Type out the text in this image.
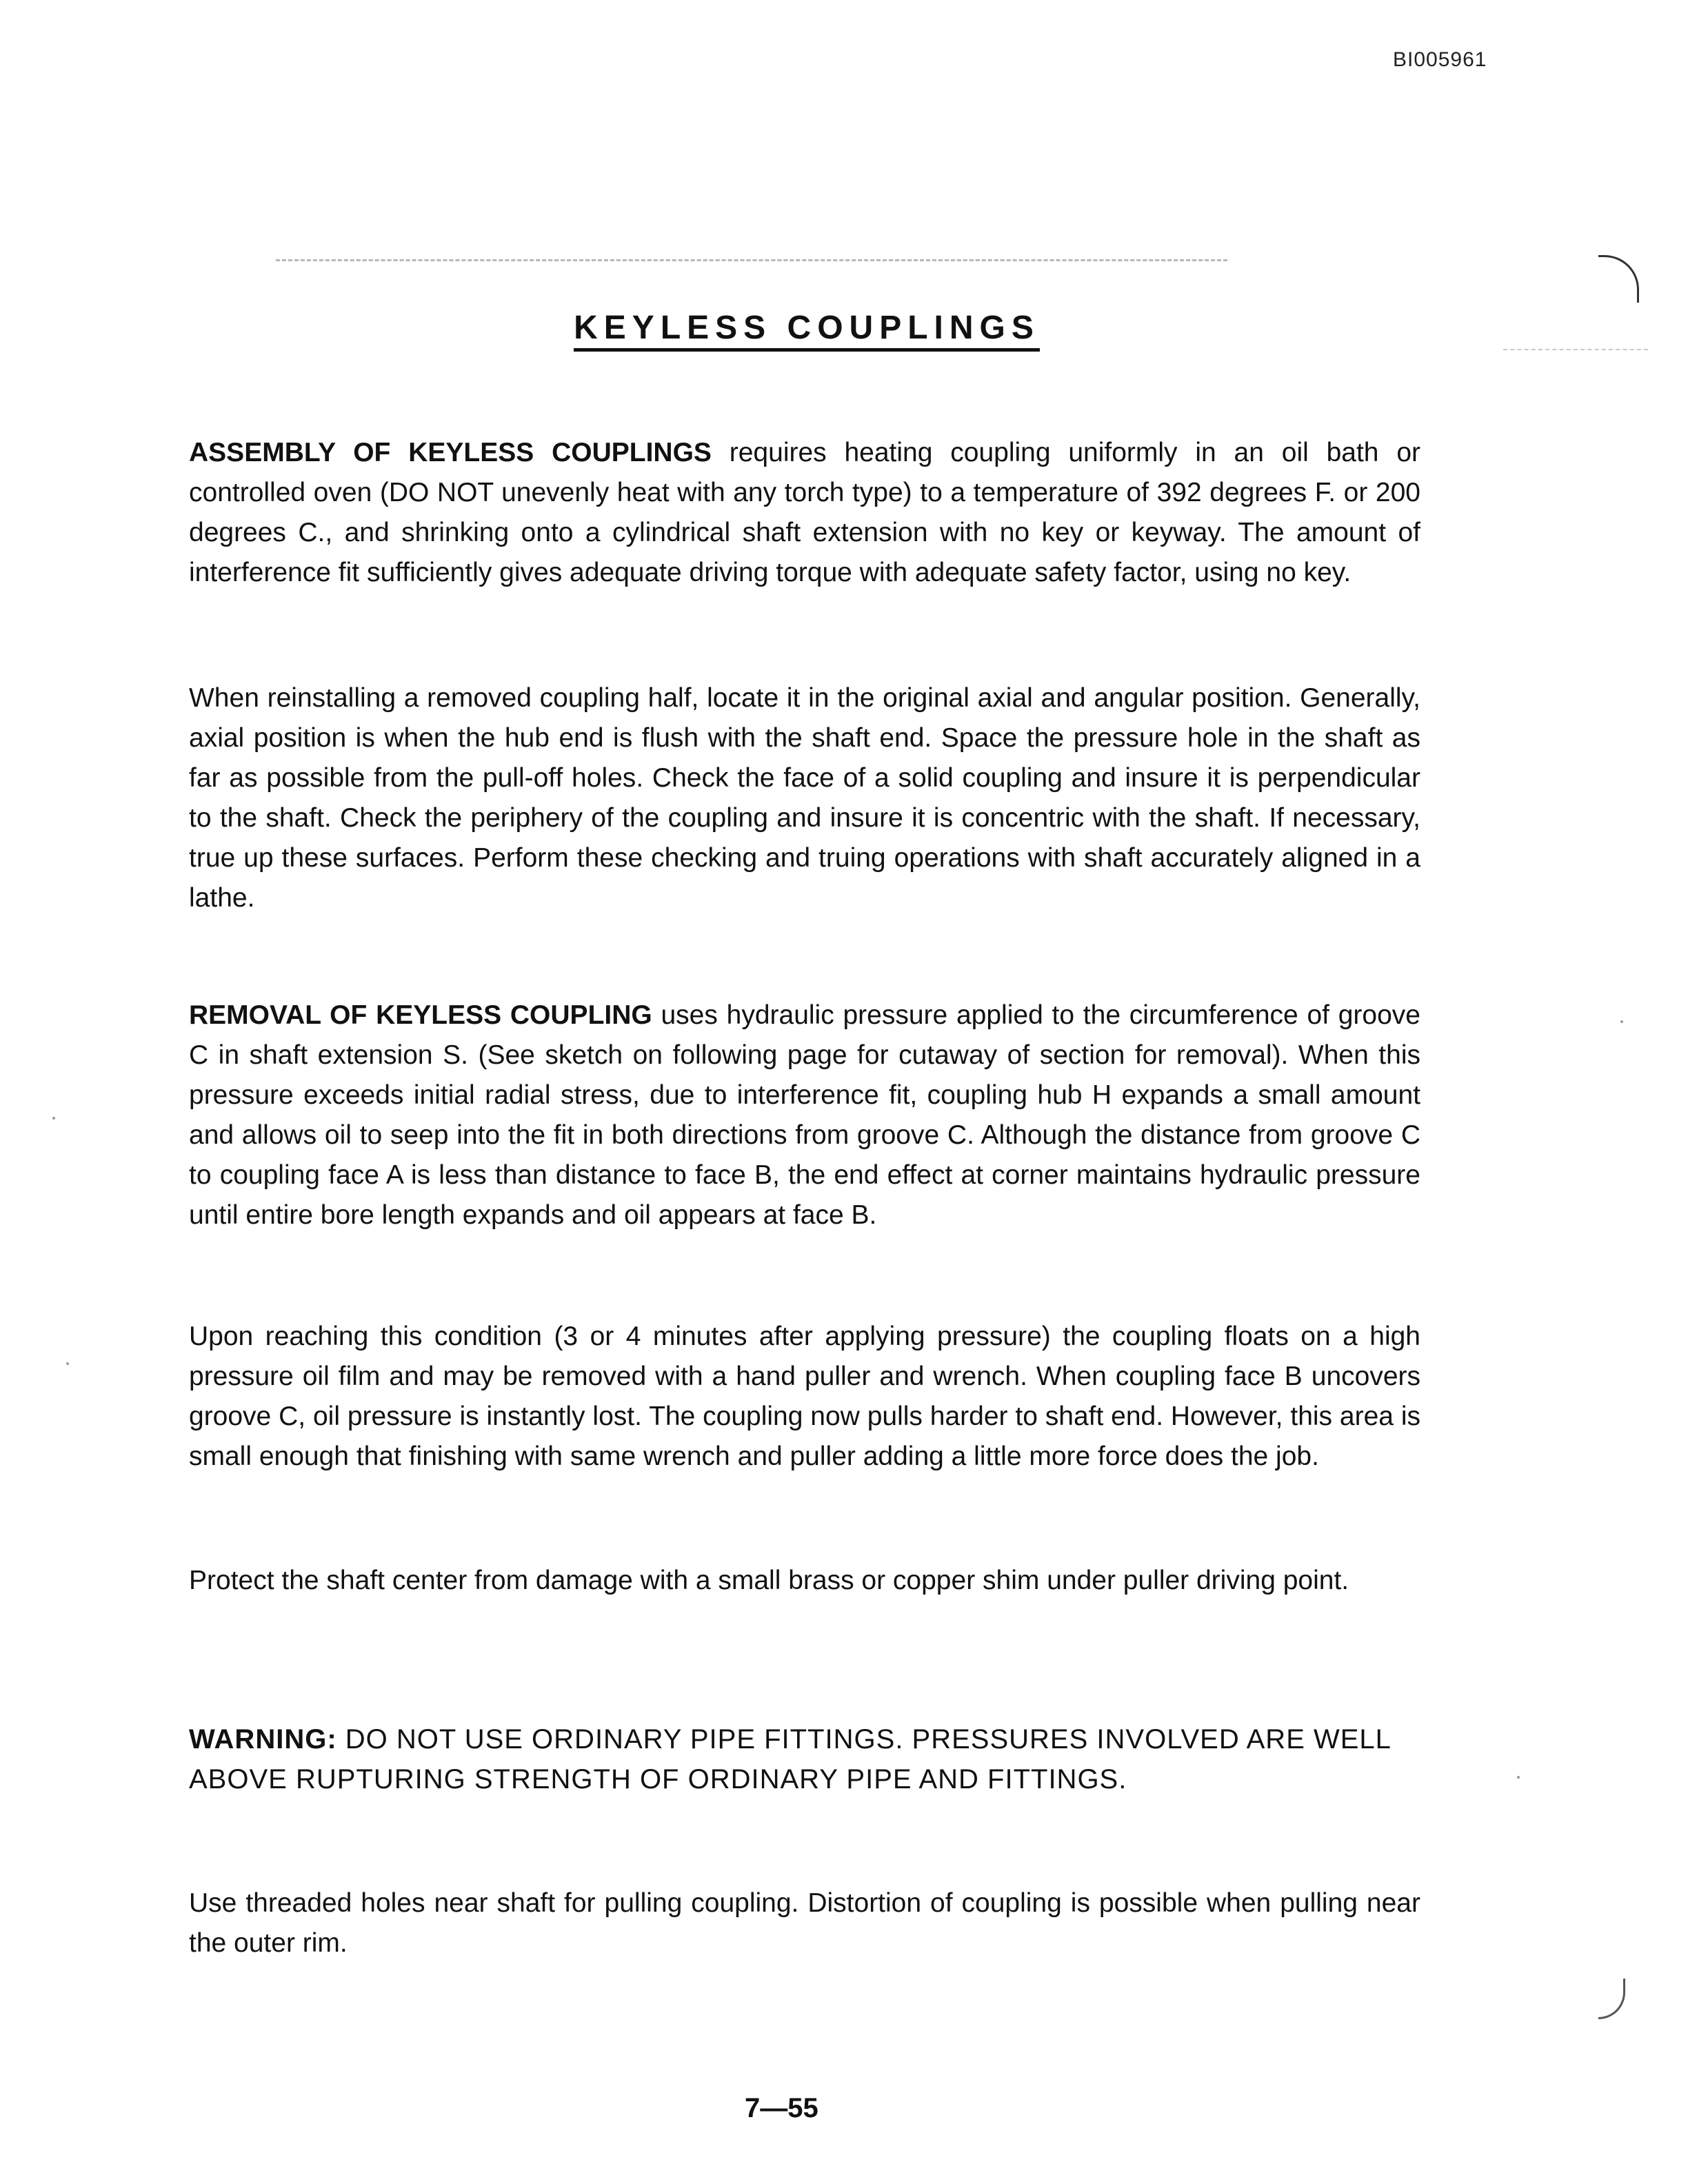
BI005961
KEYLESS COUPLINGS

ASSEMBLY OF KEYLESS COUPLINGS requires heating coupling uniformly in an oil bath or controlled oven (DO NOT unevenly heat with any torch type) to a temperature of 392 degrees F. or 200 degrees C., and shrinking onto a cylindrical shaft extension with no key or keyway. The amount of interference fit sufficiently gives adequate driving torque with adequate safety factor, using no key.

When reinstalling a removed coupling half, locate it in the original axial and angular position. Generally, axial position is when the hub end is flush with the shaft end. Space the pressure hole in the shaft as far as possible from the pull-off holes. Check the face of a solid coupling and insure it is perpendicular to the shaft. Check the periphery of the coupling and insure it is concentric with the shaft. If necessary, true up these surfaces. Perform these checking and truing operations with shaft accurately aligned in a lathe.

REMOVAL OF KEYLESS COUPLING uses hydraulic pressure applied to the circumference of groove C in shaft extension S. (See sketch on following page for cutaway of section for removal). When this pressure exceeds initial radial stress, due to interference fit, coupling hub H expands a small amount and allows oil to seep into the fit in both directions from groove C. Although the distance from groove C to coupling face A is less than distance to face B, the end effect at corner maintains hydraulic pressure until entire bore length expands and oil appears at face B.

Upon reaching this condition (3 or 4 minutes after applying pressure) the coupling floats on a high pressure oil film and may be removed with a hand puller and wrench. When coupling face B uncovers groove C, oil pressure is instantly lost. The coupling now pulls harder to shaft end. However, this area is small enough that finishing with same wrench and puller adding a little more force does the job.

Protect the shaft center from damage with a small brass or copper shim under puller driving point.

WARNING: DO NOT USE ORDINARY PIPE FITTINGS. PRESSURES INVOLVED ARE WELL ABOVE RUPTURING STRENGTH OF ORDINARY PIPE AND FITTINGS.

Use threaded holes near shaft for pulling coupling. Distortion of coupling is possible when pulling near the outer rim.

7—55
